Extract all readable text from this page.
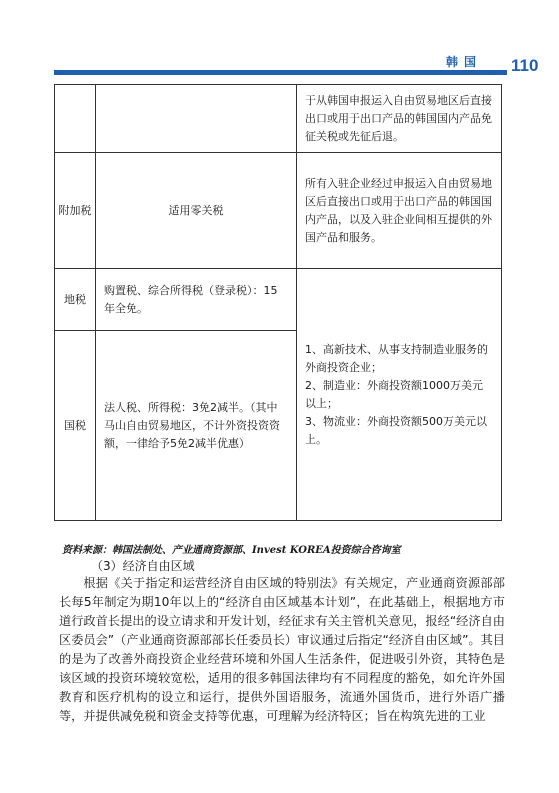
韩国 110
		于从韩国申报运入自由贸易地区后直接出口或用于出口产品的韩国国内产品免征关税或先征后退。
附加税	适用零关税	所有入驻企业经过申报运入自由贸易地区后直接出口或用于出口产品的韩国国内产品，以及入驻企业间相互提供的外国产品和服务。
地税	购置税、综合所得税（登录税）：15年全免。	1、高新技术、从事支持制造业服务的外商投资企业；
2、制造业：外商投资额1000万美元以上；
3、物流业：外商投资额500万美元以上。

国税	法人税、所得税：3免2减半。（其中马山自由贸易地区，不计外资投资资额，一律给予5免2减半优惠）	
资料来源：韩国法制处、产业通商资源部、Invest KOREA投资综合咨询室
（3）经济自由区域
根据《关于指定和运营经济自由区域的特别法》有关规定，产业通商资源部部长每5年制定为期10年以上的“经济自由区域基本计划”，在此基础上，根据地方市道行政首长提出的设立请求和开发计划，经征求有关主管机关意见，报经“经济自由区委员会”（产业通商资源部部长任委员长）审议通过后指定“经济自由区域”。其目的是为了改善外商投资企业经营环境和外国人生活条件，促进吸引外资，其特色是该区域的投资环境较宽松，适用的很多韩国法律均有不同程度的豁免，如允许外国教育和医疗机构的设立和运行，提供外国语服务，流通外国货币，进行外语广播等，并提供减免税和资金支持等优惠，可理解为经济特区；旨在构筑先进的工业
